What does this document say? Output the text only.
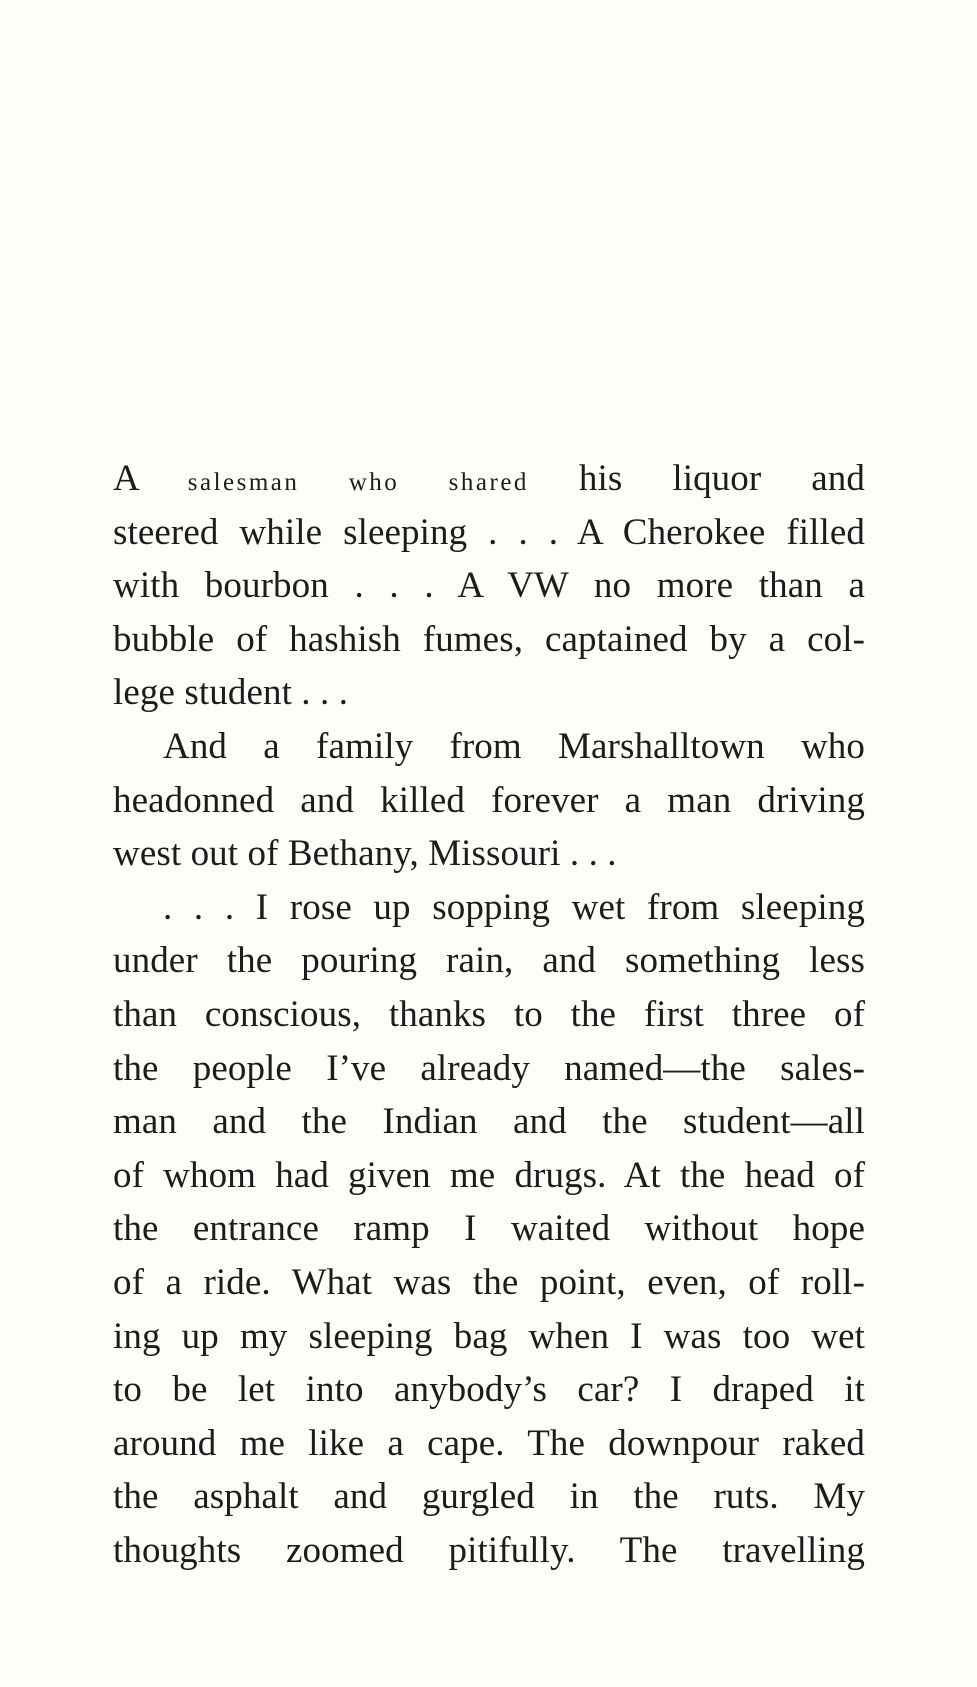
A salesman who shared his liquor and
steered while sleeping . . . A Cherokee filled
with bourbon . . . A VW no more than a
bubble of hashish fumes, captained by a col-
lege student . . .
And a family from Marshalltown who
headonned and killed forever a man driving
west out of Bethany, Missouri . . .
. . . I rose up sopping wet from sleeping
under the pouring rain, and something less
than conscious, thanks to the first three of
the people I’ve already named—the sales-
man and the Indian and the student—all
of whom had given me drugs. At the head of
the entrance ramp I waited without hope
of a ride. What was the point, even, of roll-
ing up my sleeping bag when I was too wet
to be let into anybody’s car? I draped it
around me like a cape. The downpour raked
the asphalt and gurgled in the ruts. My
thoughts zoomed pitifully. The travelling
